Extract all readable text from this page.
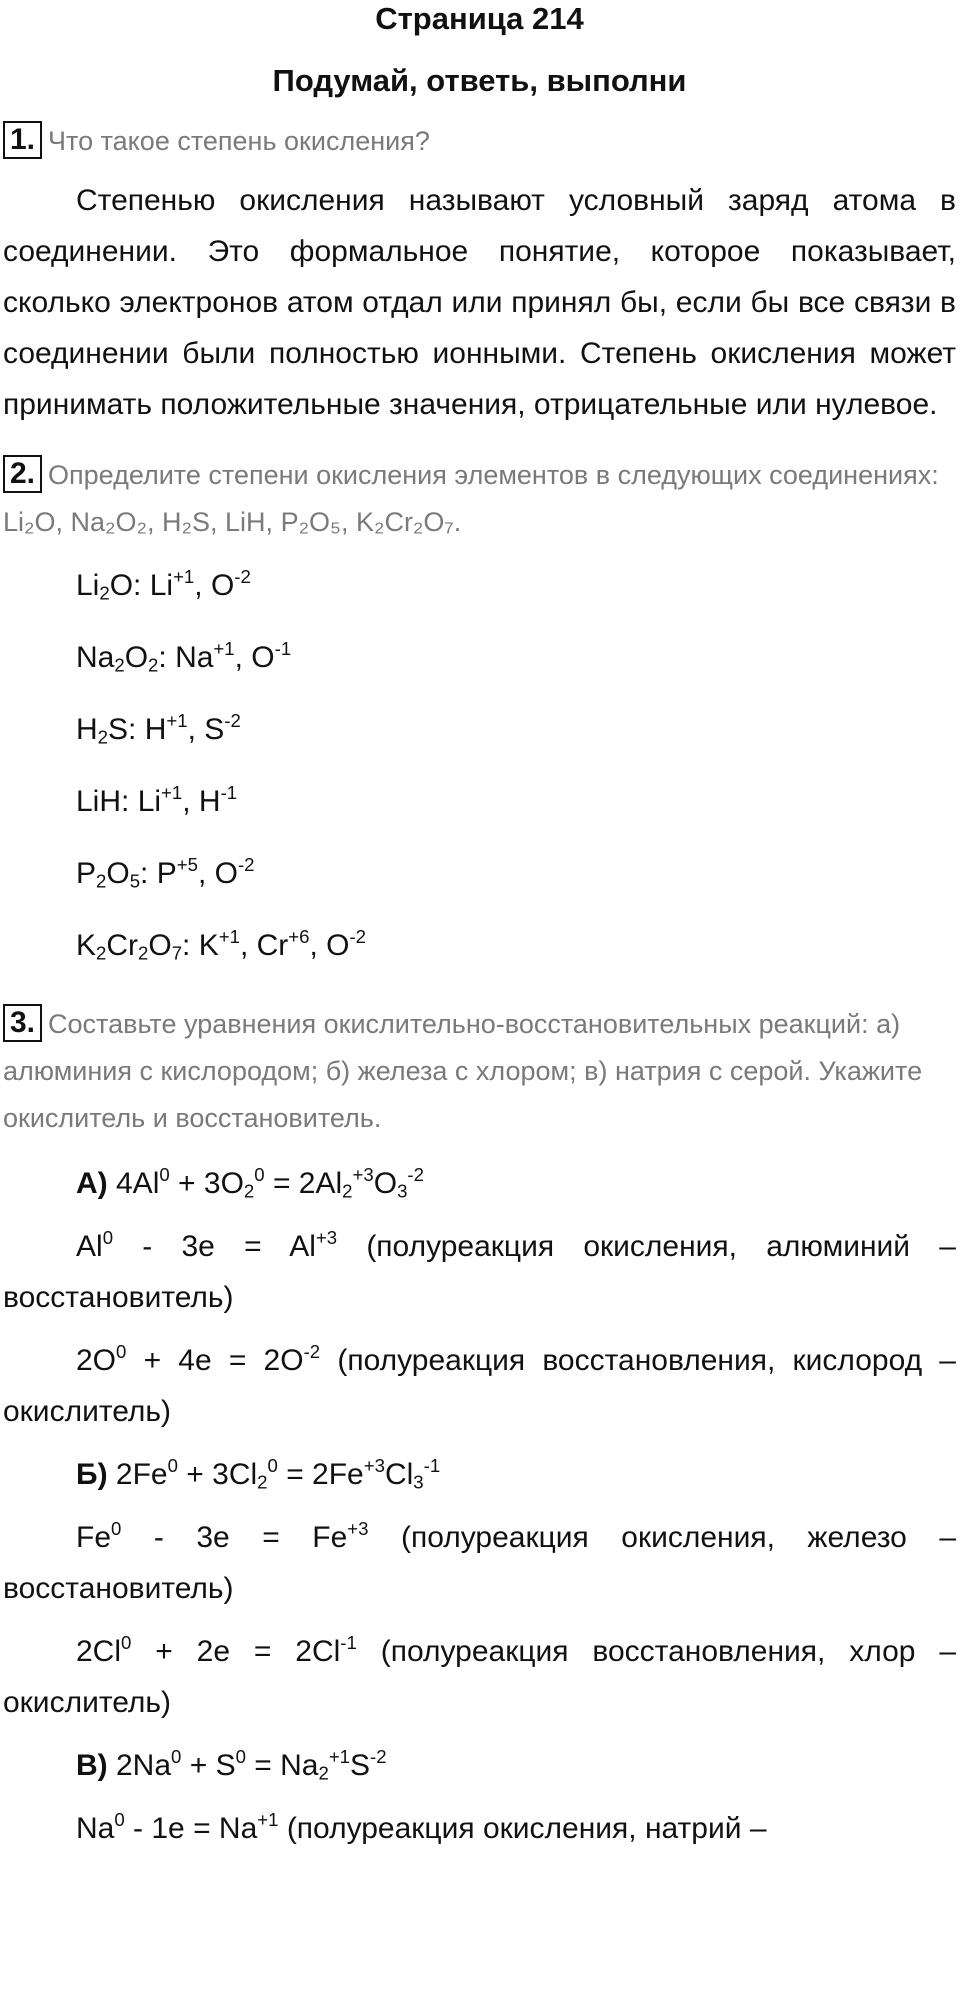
Страница 214
Подумай, ответь, выполни

1. Что такое степень окисления?

Степенью окисления называют условный заряд атома в соединении. Это формальное понятие, которое показывает, сколько электронов атом отдал или принял бы, если бы все связи в соединении были полностью ионными. Степень окисления может принимать положительные значения, отрицательные или нулевое.

2. Определите степени окисления элементов в следующих соединениях: Li₂O, Na₂O₂, H₂S, LiH, P₂O₅, K₂Cr₂O₇.

$Li_2O$: $Li^{+1}$, $O^{-2}$

$Na_2O_2$: $Na^{+1}$, $O^{-1}$

$H_2S$: $H^{+1}$, $S^{-2}$

LiH: $Li^{+1}$, $H^{-1}$

$P_2O_5$: $P^{+5}$, $O^{-2}$

$K_2Cr_2O_7$: $K^{+1}$, $Cr^{+6}$, $O^{-2}$

3. Составьте уравнения окислительно-восстановительных реакций: а) алюминия с кислородом; б) железа с хлором; в) натрия с серой. Укажите окислитель и восстановитель.

А) $4Al^0 + 3O_2^0 = 2Al_2^{+3}O_3^{-2}$

$Al^0 - 3e = Al^{+3}$ (полуреакция окисления, алюминий – восстановитель)

$2O^0 + 4e = 2O^{-2}$ (полуреакция восстановления, кислород – окислитель)

Б) $2Fe^0 + 3Cl_2^0 = 2Fe^{+3}Cl_3^{-1}$

$Fe^0 - 3e = Fe^{+3}$ (полуреакция окисления, железо – восстановитель)

$2Cl^0 + 2e = 2Cl^{-1}$ (полуреакция восстановления, хлор – окислитель)

В) $2Na^0 + S^0 = Na_2^{+1}S^{-2}$

$Na^0 - 1e = Na^{+1}$ (полуреакция окисления, натрий –
